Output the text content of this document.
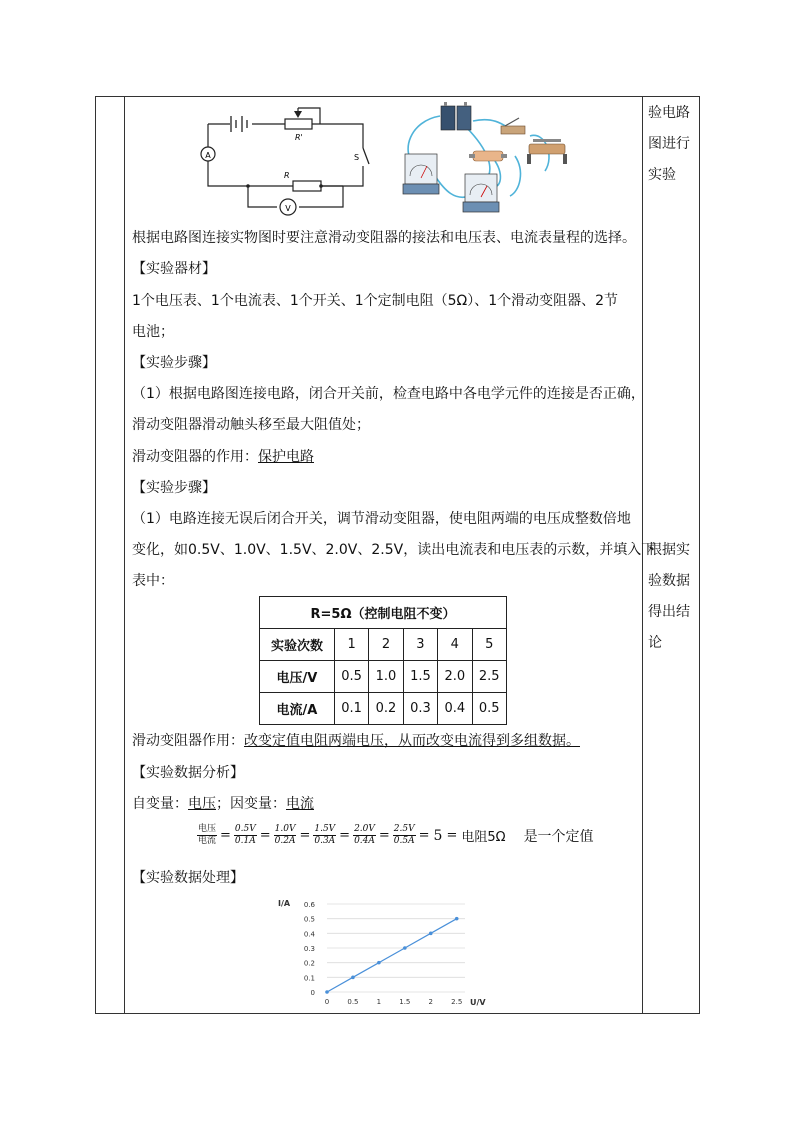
验电路
图进行
实验
根据实
验数据
得出结
论
A
V
R'
R
S
根据电路图连接实物图时要注意滑动变阻器的接法和电压表、电流表量程的选择。
【实验器材】
1个电压表、1个电流表、1个开关、1个定制电阻（5Ω）、1个滑动变阻器、2节
电池；
【实验步骤】
（1）根据电路图连接电路，闭合开关前，检查电路中各电学元件的连接是否正确，
滑动变阻器滑动触头移至最大阻值处；
滑动变阻器的作用：保护电路
【实验步骤】
（1）电路连接无误后闭合开关，调节滑动变阻器，使电阻两端的电压成整数倍地
变化，如0.5V、1.0V、1.5V、2.0V、2.5V，读出电流表和电压表的示数，并填入下
表中：
R=5Ω（控制电阻不变）					
实验次数	1	2	3	4	5
电压/V	0.5	1.0	1.5	2.0	2.5
电流/A	0.1	0.2	0.3	0.4	0.5
滑动变阻器作用：改变定值电阻两端电压，从而改变电流得到多组数据。
【实验数据分析】
自变量：电压；因变量：电流
【实验数据处理】
$\frac{\text{电压}}{\text{电流}} = \frac{0.5V}{0.1A} = \frac{1.0V}{0.2A} = \frac{1.5V}{0.3A} = \frac{2.0V}{0.4A} = \frac{2.5V}{0.5A} = 5$ = 电阻5Ω 是一个定值
0
0.1
0.2
0.3
0.4
0.5
0.6
0	0.5	1	1.5	2	2.5
I/A
U/V
